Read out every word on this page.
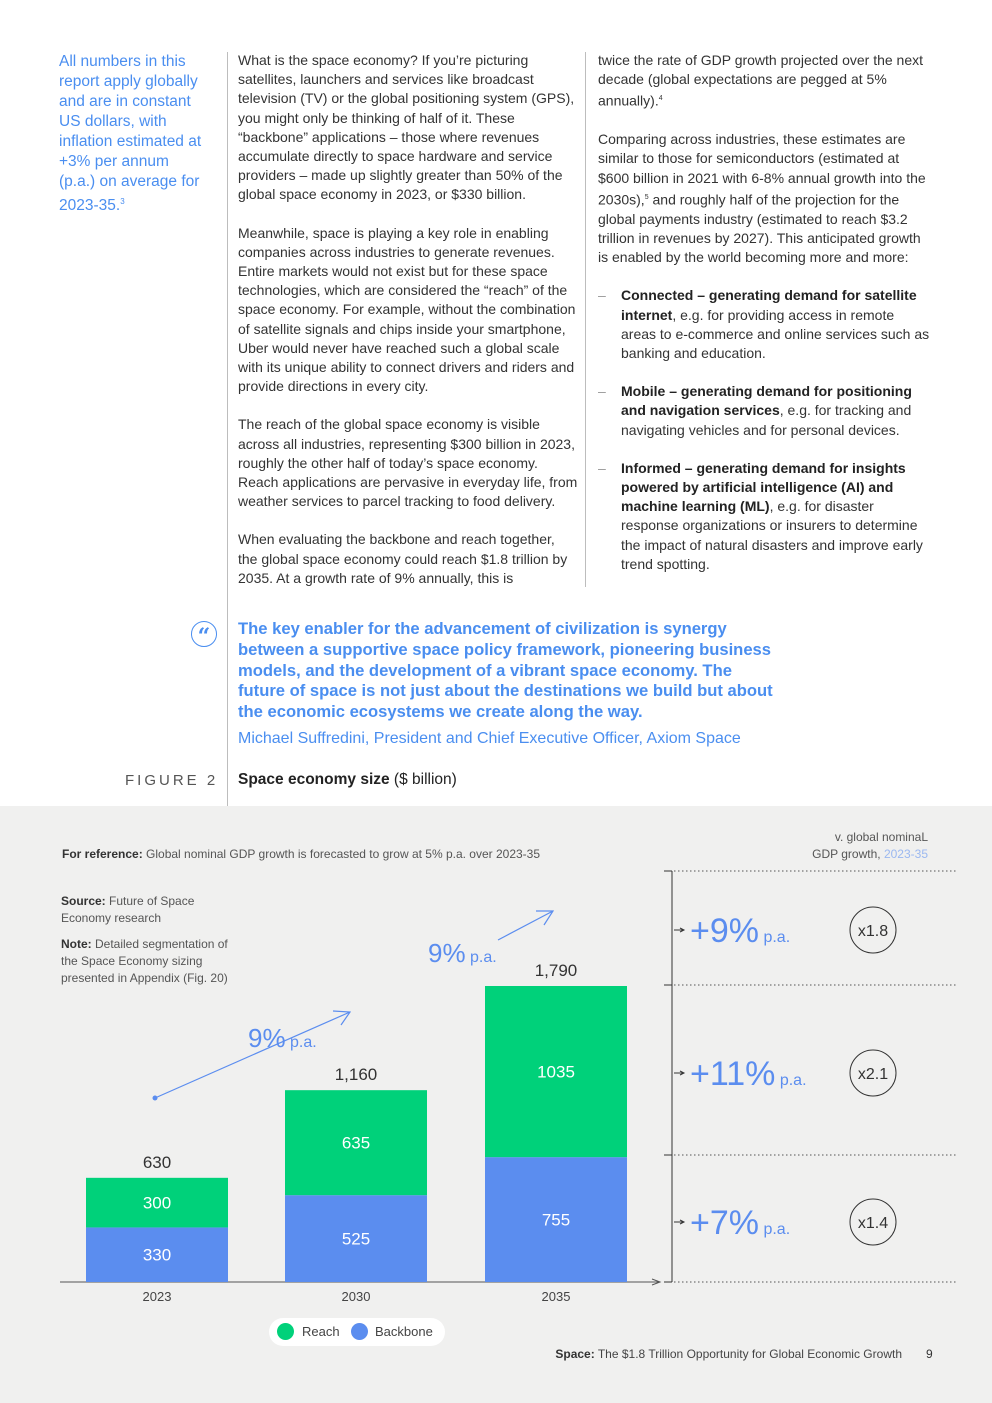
All numbers in this report apply globally and are in constant US dollars, with inflation estimated at +3% per annum (p.a.) on average for 2023-35.$^3$

What is the space economy? If you’re picturing satellites, launchers and services like broadcast television (TV) or the global positioning system (GPS), you might only be thinking of half of it. These “backbone” applications – those where revenues accumulate directly to space hardware and service providers – made up slightly greater than 50% of the global space economy in 2023, or $330 billion.

Meanwhile, space is playing a key role in enabling companies across industries to generate revenues. Entire markets would not exist but for these space technologies, which are considered the “reach” of the space economy. For example, without the combination of satellite signals and chips inside your smartphone, Uber would never have reached such a global scale with its unique ability to connect drivers and riders and provide directions in every city.

The reach of the global space economy is visible across all industries, representing $300 billion in 2023, roughly the other half of today’s space economy. Reach applications are pervasive in everyday life, from weather services to parcel tracking to food delivery.

When evaluating the backbone and reach together, the global space economy could reach $1.8 trillion by 2035. At a growth rate of 9% annually, this is

twice the rate of GDP growth projected over the next decade (global expectations are pegged at 5% annually).$^4$

Comparing across industries, these estimates are similar to those for semiconductors (estimated at $600 billion in 2021 with 6-8% annual growth into the 2030s),$^5$ and roughly half of the projection for the global payments industry (estimated to reach $3.2 trillion in revenues by 2027). This anticipated growth is enabled by the world becoming more and more:

– Connected – generating demand for satellite internet, e.g. for providing access in remote areas to e-commerce and online services such as banking and education.
– Mobile – generating demand for positioning and navigation services, e.g. for tracking and navigating vehicles and for personal devices.
– Informed – generating demand for insights powered by artificial intelligence (AI) and machine learning (ML), e.g. for disaster response organizations or insurers to determine the impact of natural disasters and improve early trend spotting.
“	The key enabler for the advancement of civilization is synergy between a supportive space policy framework, pioneering business models, and the development of a vibrant space economy. The future of space is not just about the destinations we build but about the economic ecosystems we create along the way.
Michael Suffredini, President and Chief Executive Officer, Axiom Space
FIGURE 2 Space economy size ($ billion)
For reference: Global nominal GDP growth is forecasted to grow at 5% p.a. over 2023-35
Source: Future of Space Economy research
Note: Detailed segmentation of the Space Economy sizing presented in Appendix (Fig. 20)
v. global nominaL
GDP growth, 2023-35
330
300
630
2023
525
635
1,160
2030
755
1035
1,790
2035
9% p.a.
9% p.a.
+9% p.a.	x1.8
+11% p.a.	x2.1
+7% p.a.	x1.4
Reach	Backbone
Space: The $1.8 Trillion Opportunity for Global Economic Growth 9
